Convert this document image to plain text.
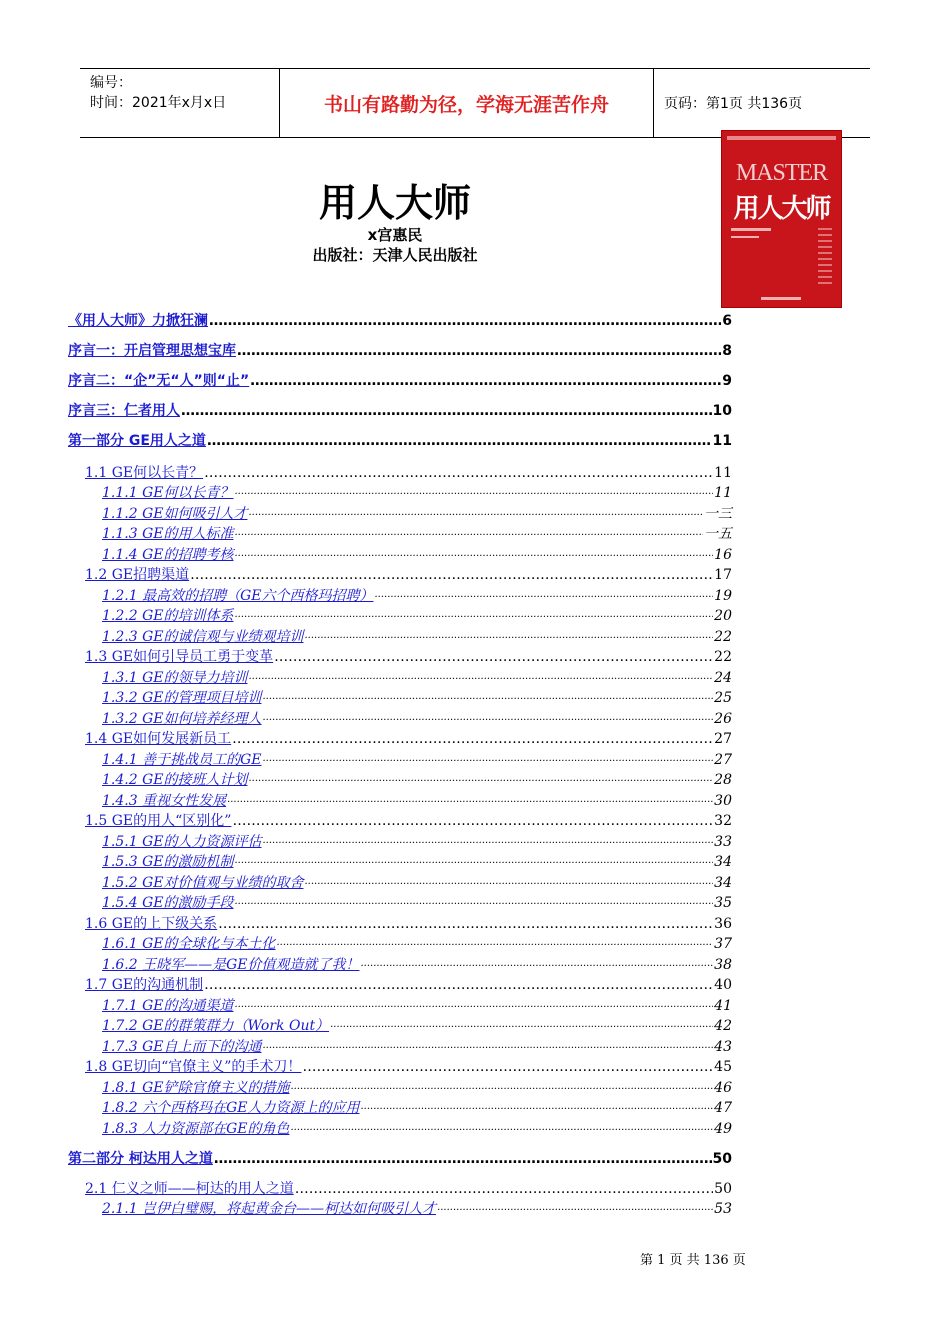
编号：
时间：2021年x月x日	书山有路勤为径，学海无涯苦作舟	页码：第1页 共136页
MASTER
用人大师
用人大师
x宫惠民
出版社：天津人民出版社
《用人大师》力掀狂澜 ………………………………………………………………………………………………………………………………………………………………………………………………………………………………………………………………	6
序言一：开启管理思想宝库 ………………………………………………………………………………………………………………………………………………………………………………………………………………………………………………………………	8
序言二：“企”无“人”则“止” ………………………………………………………………………………………………………………………………………………………………………………………………………………………………………………………………	9
序言三：仁者用人 ………………………………………………………………………………………………………………………………………………………………………………………………………………………………………………………………	10
第一部分 GE用人之道 ………………………………………………………………………………………………………………………………………………………………………………………………………………………………………………………………	11
1.1 GE何以长青？ ………………………………………………………………………………………………………………………………………………………………………………………………………………………………………………………………	11
1.1.1 GE何以长青？ ·····	11
1.1.2 GE如何吸引人才 ·····	一三
1.1.3 GE的用人标准 ·····	一五
1.1.4 GE的招聘考核 ·····	16
1.2 GE招聘渠道 ………………………………………………………………………………………………………………………………………………………………………………………………………………………………………………………………	17
1.2.1 最高效的招聘（GE六个西格玛招聘） ·····	19
1.2.2 GE的培训体系 ·····	20
1.2.3 GE的诚信观与业绩观培训 ·····	22
1.3 GE如何引导员工勇于变革 ………………………………………………………………………………………………………………………………………………………………………………………………………………………………………………………………	22
1.3.1 GE的领导力培训 ·····	24
1.3.2 GE的管理项目培训 ·····	25
1.3.2 GE如何培养经理人 ·····	26
1.4 GE如何发展新员工 ………………………………………………………………………………………………………………………………………………………………………………………………………………………………………………………………	27
1.4.1 善于挑战员工的GE ·····	27
1.4.2 GE的接班人计划 ·····	28
1.4.3 重视女性发展 ·····	30
1.5 GE的用人“区别化” ………………………………………………………………………………………………………………………………………………………………………………………………………………………………………………………………	32
1.5.1 GE的人力资源评估 ·····	33
1.5.3 GE的激励机制 ·····	34
1.5.2 GE对价值观与业绩的取舍 ·····	34
1.5.4 GE的激励手段 ·····	35
1.6 GE的上下级关系 ………………………………………………………………………………………………………………………………………………………………………………………………………………………………………………………………	36
1.6.1 GE的全球化与本土化 ·····	37
1.6.2 王晓军——是GE价值观造就了我！ ·····	38
1.7 GE的沟通机制 ………………………………………………………………………………………………………………………………………………………………………………………………………………………………………………………………	40
1.7.1 GE的沟通渠道 ·····	41
1.7.2 GE的群策群力（Work Out） ·····	42
1.7.3 GE自上而下的沟通 ·····	43
1.8 GE切向“官僚主义”的手术刀！ ………………………………………………………………………………………………………………………………………………………………………………………………………………………………………………………………	45
1.8.1 GE铲除官僚主义的措施 ·····	46
1.8.2 六个西格玛在GE人力资源上的应用 ·····	47
1.8.3 人力资源部在GE的角色 ·····	49
第二部分 柯达用人之道 ………………………………………………………………………………………………………………………………………………………………………………………………………………………………………………………………	50
2.1 仁义之师——柯达的用人之道 ………………………………………………………………………………………………………………………………………………………………………………………………………………………………………………………………	50
2.1.1 岂伊白璧赐，将起黄金台——柯达如何吸引人才 ·····	53
第 1 页 共 136 页
